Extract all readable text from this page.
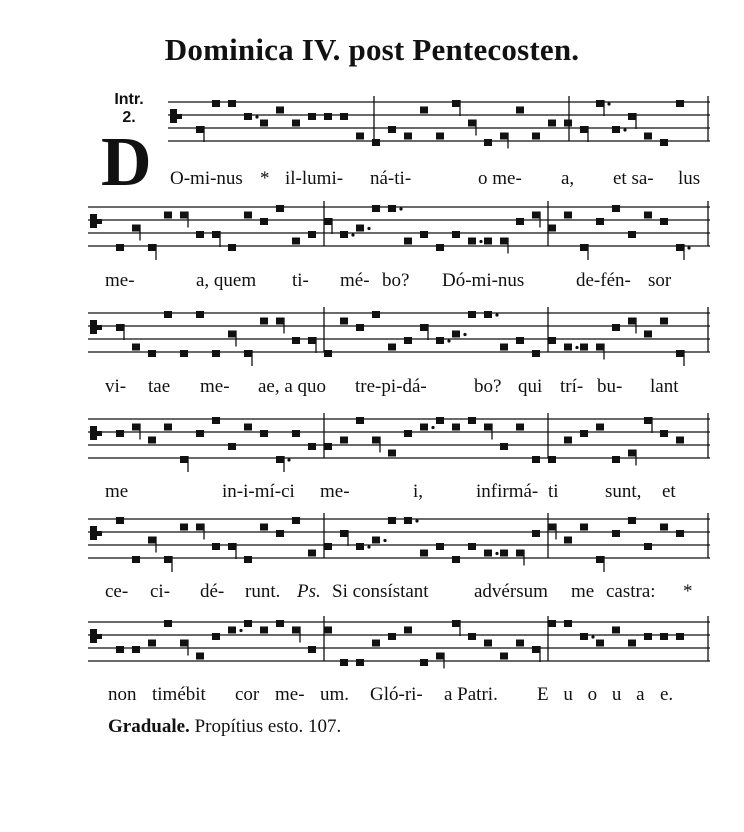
Dominica IV. post Pentecosten.
Intr.
2.
D O-mi-nus * il-lumi- ná-ti-	o me- a, et sa- lus
me-	a, quem ti- mé- bo? Dó-mi-nus	de-fén- sor
vi- tae me- ae, a quo tre-pi-dá- bo? qui trí- bu- lant
me	in-i-mí-ci me-	i,	infirmá- ti sunt, et
ce- ci- dé- runt. Ps. Si consístant advérsum me castra: *
non timébit cor me- um. Gló-ri- a Patri. E u o u a e.
Graduale. Propítius esto. 107.
